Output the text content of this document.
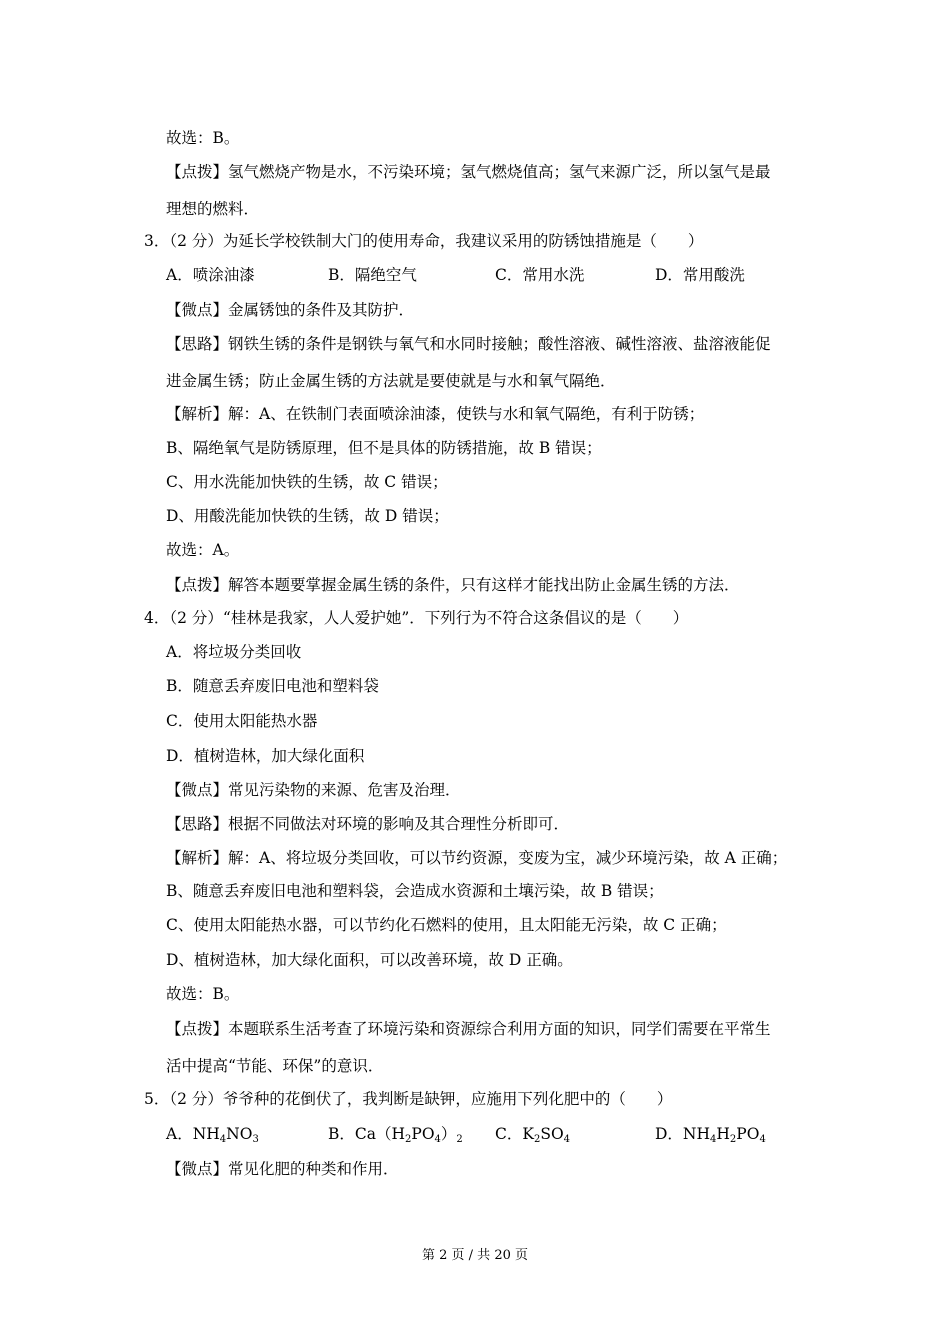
故选：B。
【点拨】氢气燃烧产物是水，不污染环境；氢气燃烧值高；氢气来源广泛，所以氢气是最
理想的燃料．
3．（2 分）为延长学校铁制大门的使用寿命，我建议采用的防锈蚀措施是（　　）
A．喷涂油漆	B．隔绝空气	C．常用水洗	D．常用酸洗
【微点】金属锈蚀的条件及其防护．
【思路】钢铁生锈的条件是钢铁与氧气和水同时接触；酸性溶液、碱性溶液、盐溶液能促
进金属生锈；防止金属生锈的方法就是要使就是与水和氧气隔绝．
【解析】解：A、在铁制门表面喷涂油漆，使铁与水和氧气隔绝，有利于防锈；
B、隔绝氧气是防锈原理，但不是具体的防锈措施，故 B 错误；
C、用水洗能加快铁的生锈，故 C 错误；
D、用酸洗能加快铁的生锈，故 D 错误；
故选：A。
【点拨】解答本题要掌握金属生锈的条件，只有这样才能找出防止金属生锈的方法．
4．（2 分）“桂林是我家，人人爱护她”．下列行为不符合这条倡议的是（　　）
A．将垃圾分类回收
B．随意丢弃废旧电池和塑料袋
C．使用太阳能热水器
D．植树造林，加大绿化面积
【微点】常见污染物的来源、危害及治理．
【思路】根据不同做法对环境的影响及其合理性分析即可．
【解析】解：A、将垃圾分类回收，可以节约资源，变废为宝，减少环境污染，故 A 正确；
B、随意丢弃废旧电池和塑料袋，会造成水资源和土壤污染，故 B 错误；
C、使用太阳能热水器，可以节约化石燃料的使用，且太阳能无污染，故 C 正确；
D、植树造林，加大绿化面积，可以改善环境，故 D 正确。
故选：B。
【点拨】本题联系生活考查了环境污染和资源综合利用方面的知识，同学们需要在平常生
活中提高“节能、环保”的意识．
5．（2 分）爷爷种的花倒伏了，我判断是缺钾，应施用下列化肥中的（　　）
A．$NH_4NO_3$	B．$Ca(H_2PO_4)_2$ C．$K_2SO_4$	D．$NH_4H_2PO_4$
【微点】常见化肥的种类和作用．
第 2 页 / 共 20 页
